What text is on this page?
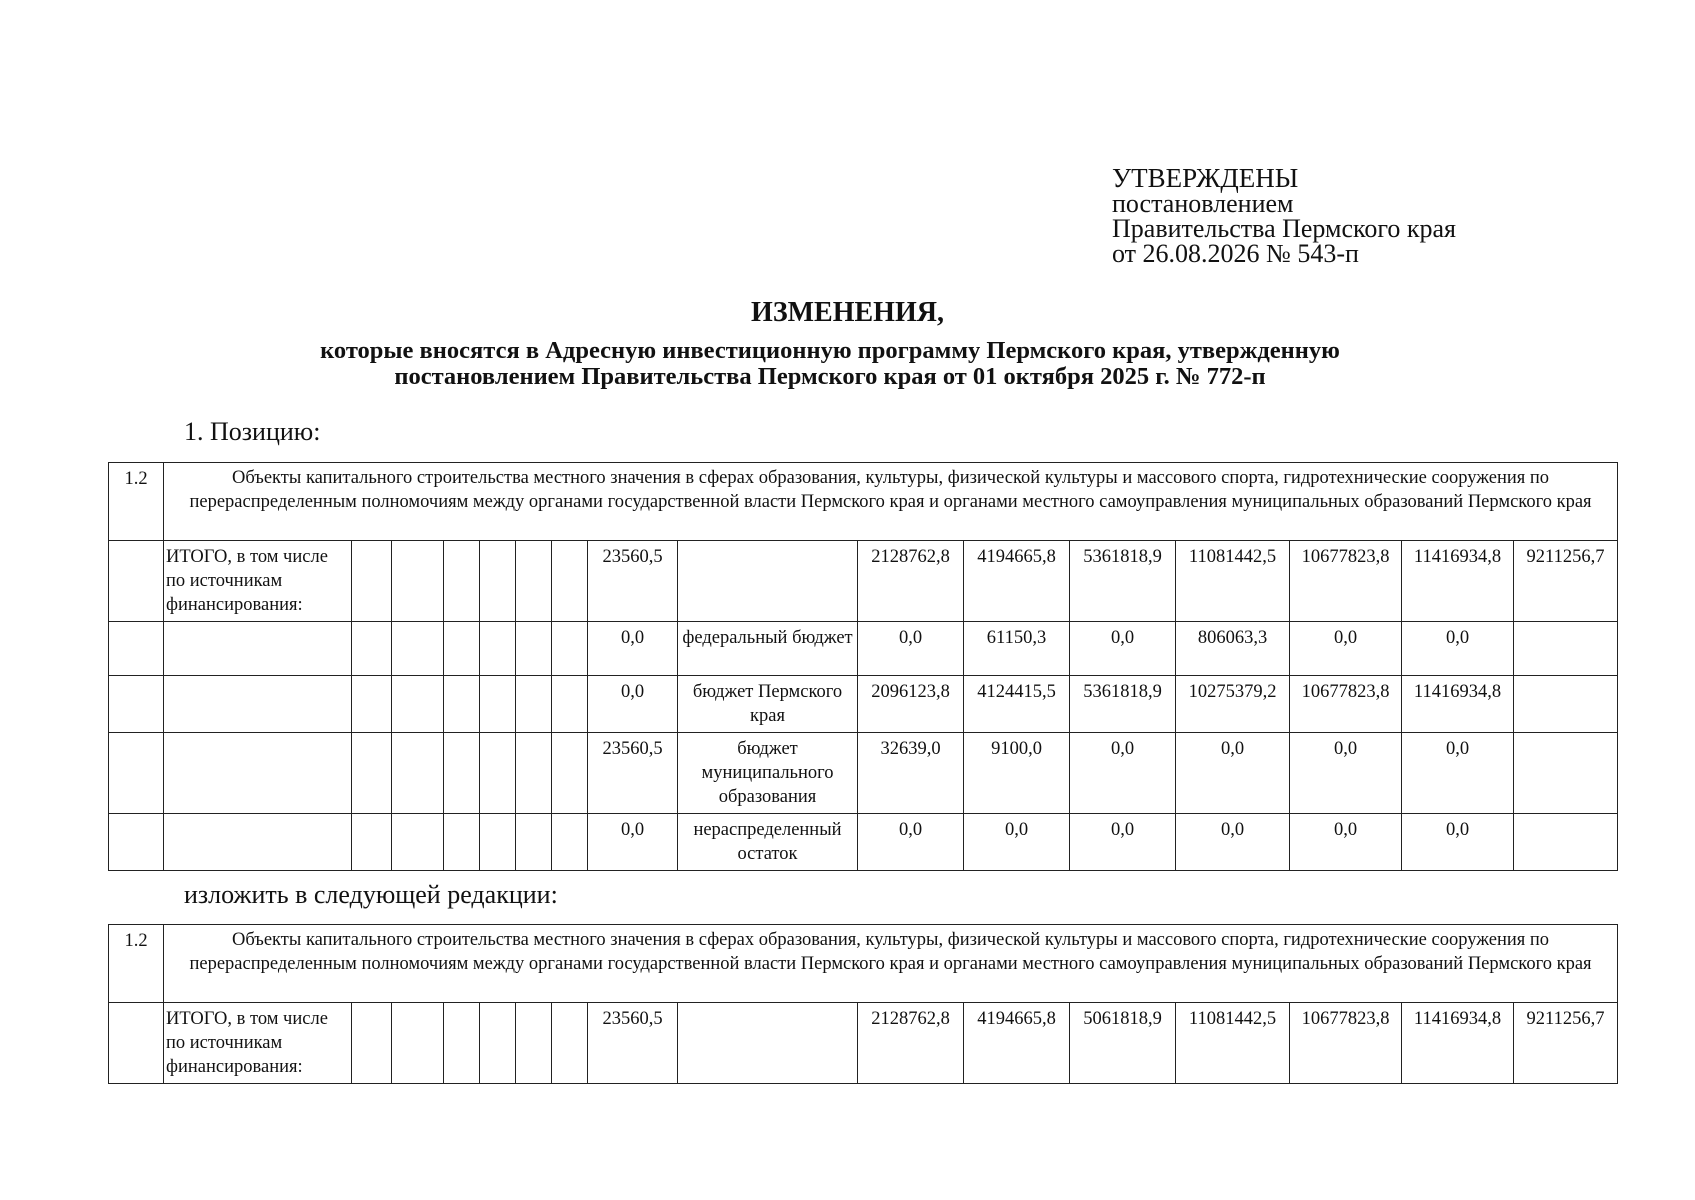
УТВЕРЖДЕНЫ
постановлением
Правительства Пермского края
от 26.08.2026 № 543-п
ИЗМЕНЕНИЯ,
которые вносятся в Адресную инвестиционную программу Пермского края, утвержденную
постановлением Правительства Пермского края от 01 октября 2025 г. № 772-п
1. Позицию:
1.2	Объекты капитального строительства местного значения в сферах образования, культуры, физической культуры и массового спорта, гидротехнические сооружения по перераспределенным полномочиям между органами государственной власти Пермского края и органами местного самоуправления муниципальных образований Пермского края															
	ИТОГО, в том числе по источникам финансирования:							23560,5		2128762,8	4194665,8	5361818,9	11081442,5	10677823,8	11416934,8	9211256,7
								0,0	федеральный бюджет	0,0	61150,3	0,0	806063,3	0,0	0,0	
								0,0	бюджет Пермского края	2096123,8	4124415,5	5361818,9	10275379,2	10677823,8	11416934,8	
								23560,5	бюджет муниципального образования	32639,0	9100,0	0,0	0,0	0,0	0,0	
								0,0	нераспределенный остаток	0,0	0,0	0,0	0,0	0,0	0,0	
изложить в следующей редакции:
1.2	Объекты капитального строительства местного значения в сферах образования, культуры, физической культуры и массового спорта, гидротехнические сооружения по перераспределенным полномочиям между органами государственной власти Пермского края и органами местного самоуправления муниципальных образований Пермского края															
	ИТОГО, в том числе по источникам финансирования:							23560,5		2128762,8	4194665,8	5061818,9	11081442,5	10677823,8	11416934,8	9211256,7
